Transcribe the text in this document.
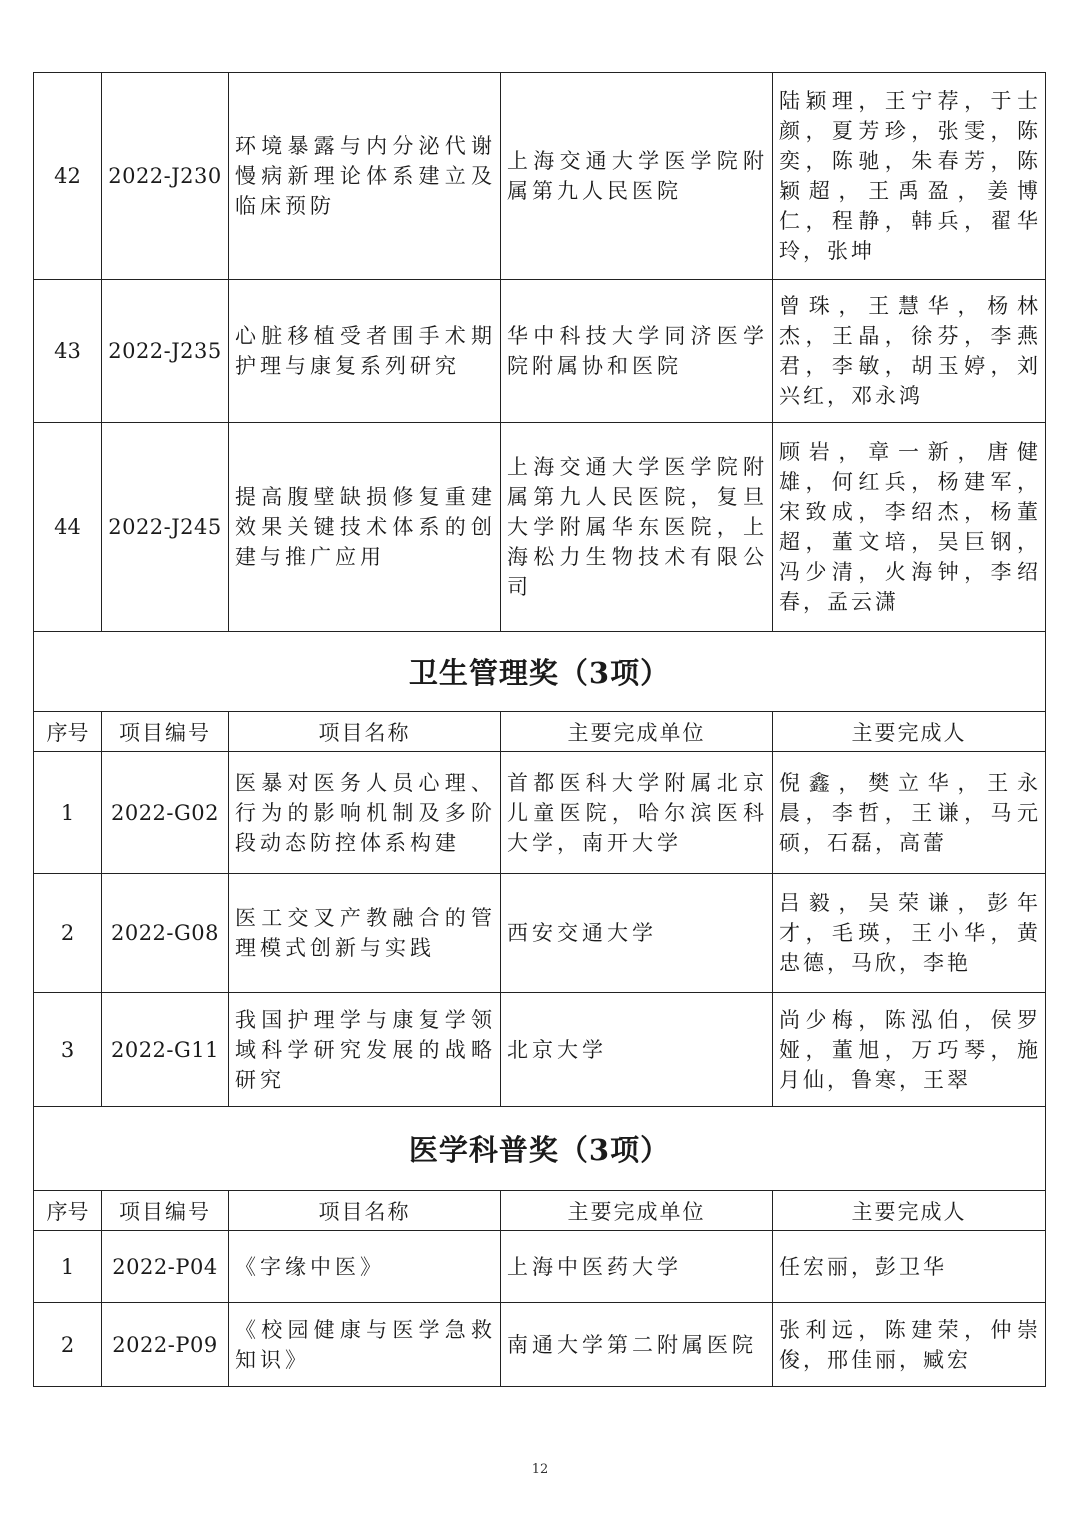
42	2022-J230	环境暴露与内分泌代谢慢病新理论体系建立及临床预防	上海交通大学医学院附属第九人民医院	陆颖理，王宁荐，于士颜，夏芳珍，张雯，陈奕，陈驰，朱春芳，陈颖超，王禹盈，姜博仁，程静，韩兵，翟华玲，张坤
43	2022-J235	心脏移植受者围手术期护理与康复系列研究	华中科技大学同济医学院附属协和医院	曾珠，王慧华，杨林杰，王晶，徐芬，李燕君，李敏，胡玉婷，刘兴红，邓永鸿
44	2022-J245	提高腹壁缺损修复重建效果关键技术体系的创建与推广应用	上海交通大学医学院附属第九人民医院，复旦大学附属华东医院，上海松力生物技术有限公司	顾岩，章一新，唐健雄，何红兵，杨建军，宋致成，李绍杰，杨董超，董文培，吴巨钢，冯少清，火海钟，李绍春，孟云潇
卫生管理奖（3项）				
序号	项目编号	项目名称	主要完成单位	主要完成人
1	2022-G02	医暴对医务人员心理、行为的影响机制及多阶段动态防控体系构建	首都医科大学附属北京儿童医院，哈尔滨医科大学，南开大学	倪鑫，樊立华，王永晨，李哲，王谦，马元硕，石磊，高蕾
2	2022-G08	医工交叉产教融合的管理模式创新与实践	西安交通大学	吕毅，吴荣谦，彭年才，毛瑛，王小华，黄忠德，马欣，李艳
3	2022-G11	我国护理学与康复学领域科学研究发展的战略研究	北京大学	尚少梅，陈泓伯，侯罗娅，董旭，万巧琴，施月仙，鲁寒，王翠
医学科普奖（3项）				
序号	项目编号	项目名称	主要完成单位	主要完成人
1	2022-P04	《字缘中医》	上海中医药大学	任宏丽，彭卫华
2	2022-P09	《校园健康与医学急救知识》	南通大学第二附属医院	张利远，陈建荣，仲崇俊，邢佳丽，臧宏
12
